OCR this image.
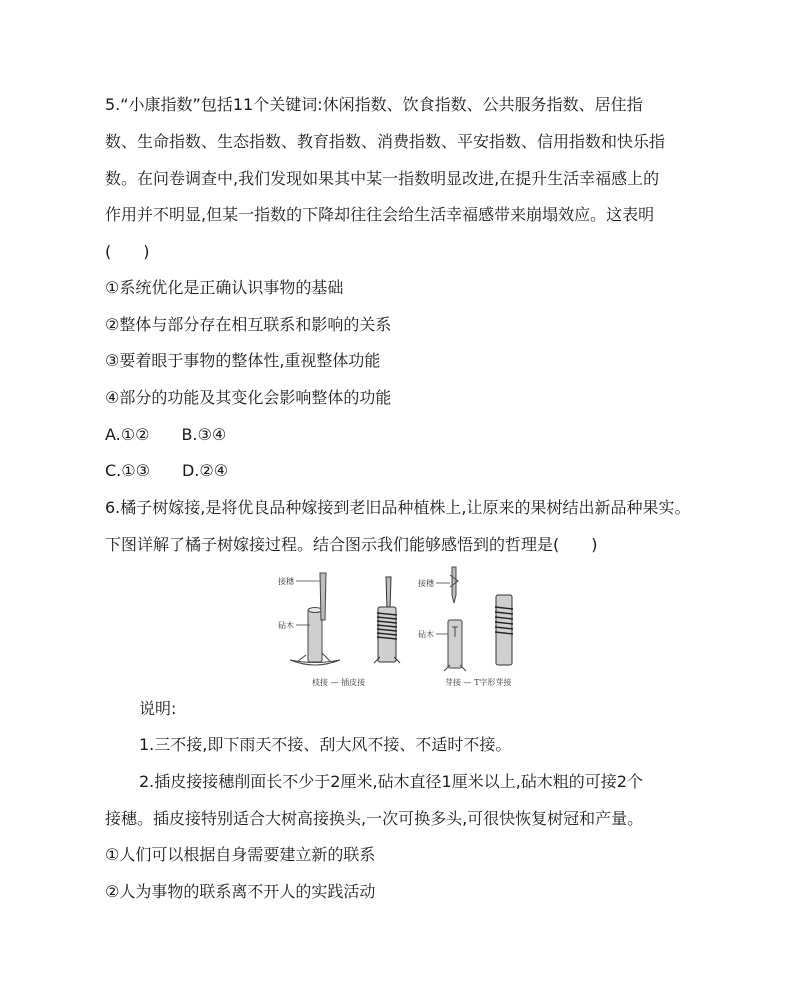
5.“小康指数”包括11个关键词:休闲指数、饮食指数、公共服务指数、居住指
数、生命指数、生态指数、教育指数、消费指数、平安指数、信用指数和快乐指
数。在问卷调查中,我们发现如果其中某一指数明显改进,在提升生活幸福感上的
作用并不明显,但某一指数的下降却往往会给生活幸福感带来崩塌效应。这表明
(　　)
①系统优化是正确认识事物的基础
②整体与部分存在相互联系和影响的关系
③要着眼于事物的整体性,重视整体功能
④部分的功能及其变化会影响整体的功能
A.①②　　B.③④
C.①③　　D.②④
6.橘子树嫁接,是将优良品种嫁接到老旧品种植株上,让原来的果树结出新品种果实。
下图详解了橘子树嫁接过程。结合图示我们能够感悟到的哲理是(　　)
接穗
砧木
接穗
砧木
枝接 — 插皮接	芽接 — T字形芽接
说明:
1.三不接,即下雨天不接、刮大风不接、不适时不接。
2.插皮接接穗削面长不少于2厘米,砧木直径1厘米以上,砧木粗的可接2个
接穗。插皮接特别适合大树高接换头,一次可换多头,可很快恢复树冠和产量。
①人们可以根据自身需要建立新的联系
②人为事物的联系离不开人的实践活动
